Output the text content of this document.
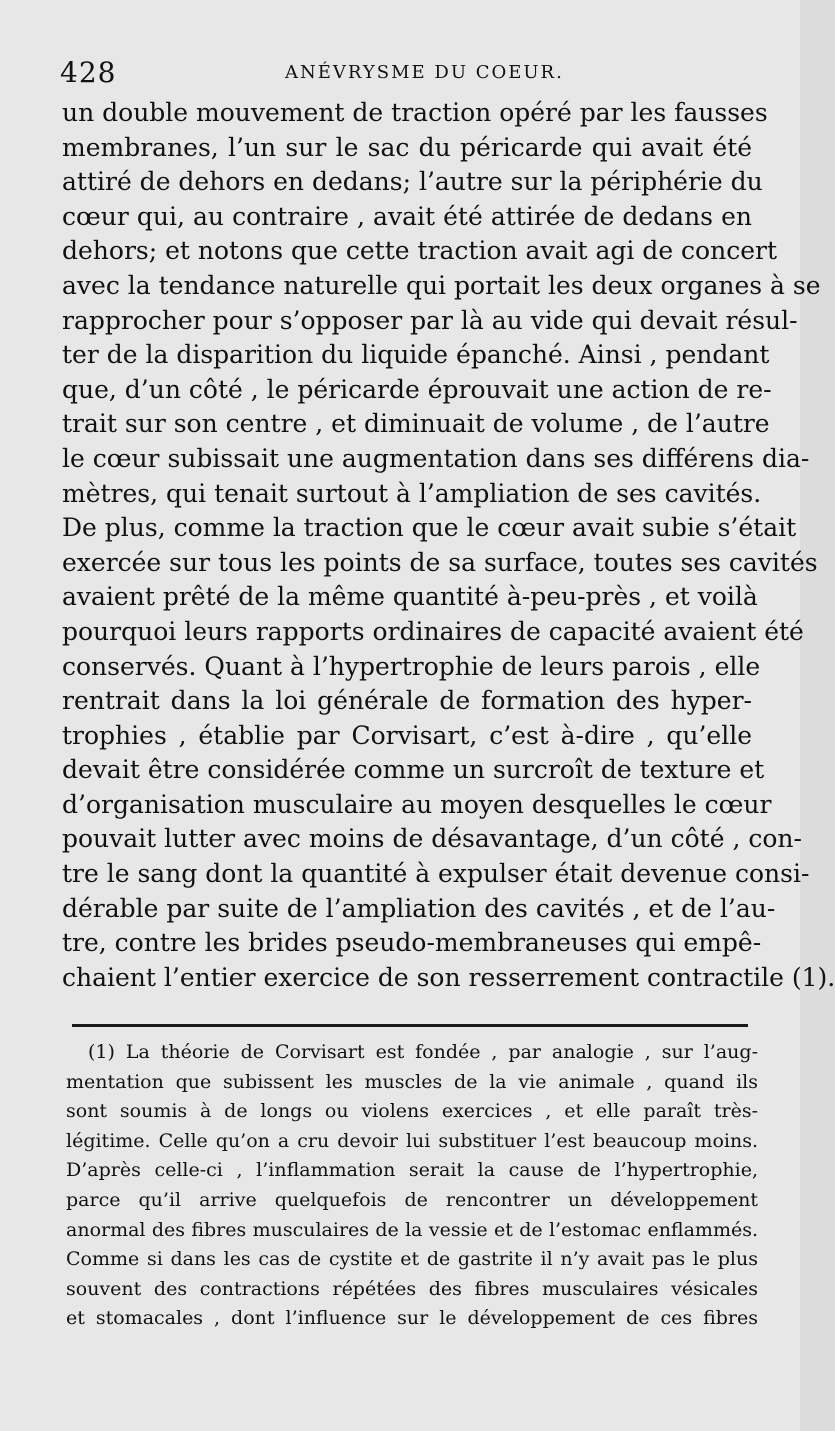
428	ANÉVRYSME DU COEUR.
un double mouvement de traction opéré par les fausses
membranes, l’un sur le sac du péricarde qui avait été
attiré de dehors en dedans; l’autre sur la périphérie du
cœur qui, au contraire , avait été attirée de dedans en
dehors; et notons que cette traction avait agi de concert
avec la tendance naturelle qui portait les deux organes à se
rapprocher pour s’opposer par là au vide qui devait résul-
ter de la disparition du liquide épanché. Ainsi , pendant
que, d’un côté , le péricarde éprouvait une action de re-
trait sur son centre , et diminuait de volume , de l’autre
le cœur subissait une augmentation dans ses différens dia-
mètres, qui tenait surtout à l’ampliation de ses cavités.
De plus, comme la traction que le cœur avait subie s’était
exercée sur tous les points de sa surface, toutes ses cavités
avaient prêté de la même quantité à-peu-près , et voilà
pourquoi leurs rapports ordinaires de capacité avaient été
conservés. Quant à l’hypertrophie de leurs parois , elle
rentrait dans la loi générale de formation des hyper-
trophies , établie par Corvisart, c’est à-dire , qu’elle
devait être considérée comme un surcroît de texture et
d’organisation musculaire au moyen desquelles le cœur
pouvait lutter avec moins de désavantage, d’un côté , con-
tre le sang dont la quantité à expulser était devenue consi-
dérable par suite de l’ampliation des cavités , et de l’au-
tre, contre les brides pseudo-membraneuses qui empê-
chaient l’entier exercice de son resserrement contractile (1).
(1) La théorie de Corvisart est fondée , par analogie , sur l’aug-
mentation que subissent les muscles de la vie animale , quand ils
sont soumis à de longs ou violens exercices , et elle paraît très-
légitime. Celle qu’on a cru devoir lui substituer l’est beaucoup moins.
D’après celle-ci , l’inflammation serait la cause de l’hypertrophie,
parce qu’il arrive quelquefois de rencontrer un développement
anormal des fibres musculaires de la vessie et de l’estomac enflammés.
Comme si dans les cas de cystite et de gastrite il n’y avait pas le plus
souvent des contractions répétées des fibres musculaires vésicales
et stomacales , dont l’influence sur le développement de ces fibres
